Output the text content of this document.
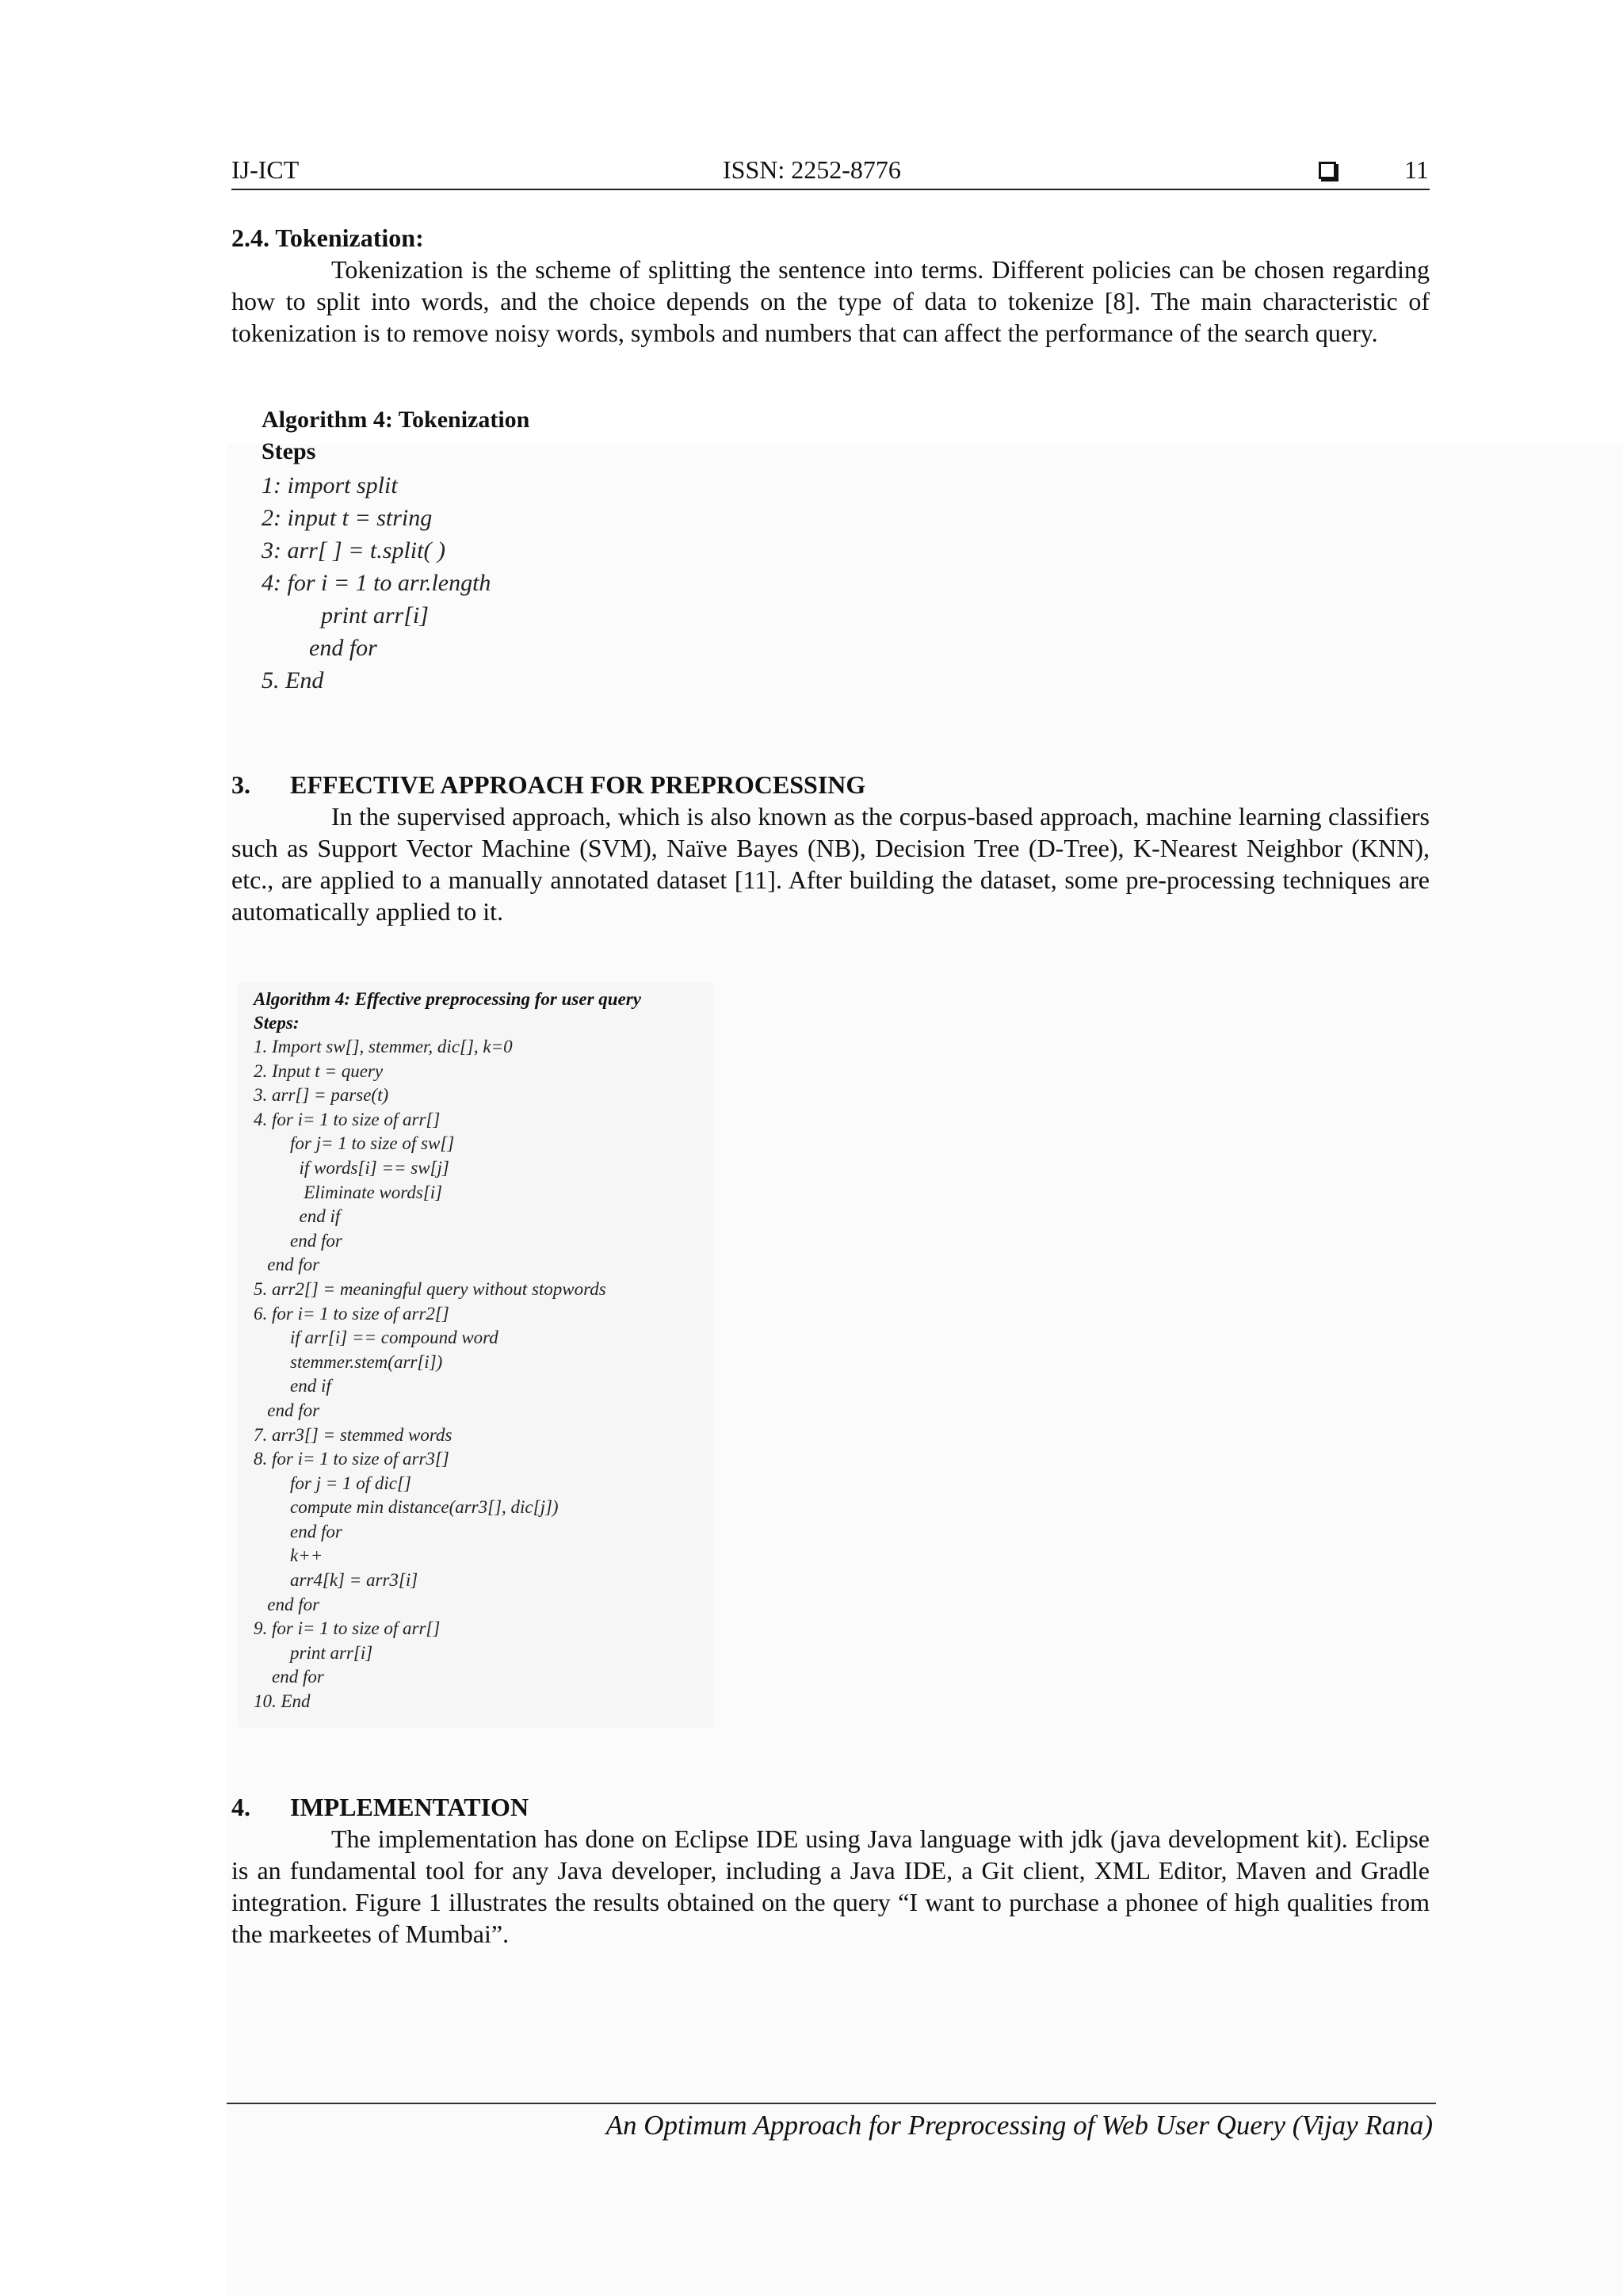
IJ-ICT	ISSN: 2252-8776	11
2.4. Tokenization:

Tokenization is the scheme of splitting the sentence into terms. Different policies can be chosen regarding how to split into words, and the choice depends on the type of data to tokenize [8]. The main characteristic of tokenization is to remove noisy words, symbols and numbers that can affect the performance of the search query.

Algorithm 4: Tokenization
Steps
1: import split
2: input t = string
3: arr[ ] = t.split( )
4: for i = 1 to arr.length
print arr[i]
end for
5. End
3. EFFECTIVE APPROACH FOR PREPROCESSING

In the supervised approach, which is also known as the corpus-based approach, machine learning classifiers such as Support Vector Machine (SVM), Naïve Bayes (NB), Decision Tree (D-Tree), K-Nearest Neighbor (KNN), etc., are applied to a manually annotated dataset [11]. After building the dataset, some pre-processing techniques are automatically applied to it.

Algorithm 4: Effective preprocessing for user query
Steps:
1. Import sw[], stemmer, dic[], k=0
2. Input t = query
3. arr[] = parse(t)
4. for i= 1 to size of arr[]
for j= 1 to size of sw[]
if words[i] == sw[j]
Eliminate words[i]
end if
end for
end for
5. arr2[] = meaningful query without stopwords
6. for i= 1 to size of arr2[]
if arr[i] == compound word
stemmer.stem(arr[i])
end if
end for
7. arr3[] = stemmed words
8. for i= 1 to size of arr3[]
for j = 1 of dic[]
compute min distance(arr3[], dic[j])
end for
k++
arr4[k] = arr3[i]
end for
9. for i= 1 to size of arr[]
print arr[i]
end for
10. End
4. IMPLEMENTATION

The implementation has done on Eclipse IDE using Java language with jdk (java development kit). Eclipse is an fundamental tool for any Java developer, including a Java IDE, a Git client, XML Editor, Maven and Gradle integration. Figure 1 illustrates the results obtained on the query “I want to purchase a phonee of high qualities from the markeetes of Mumbai”.

An Optimum Approach for Preprocessing of Web User Query (Vijay Rana)
